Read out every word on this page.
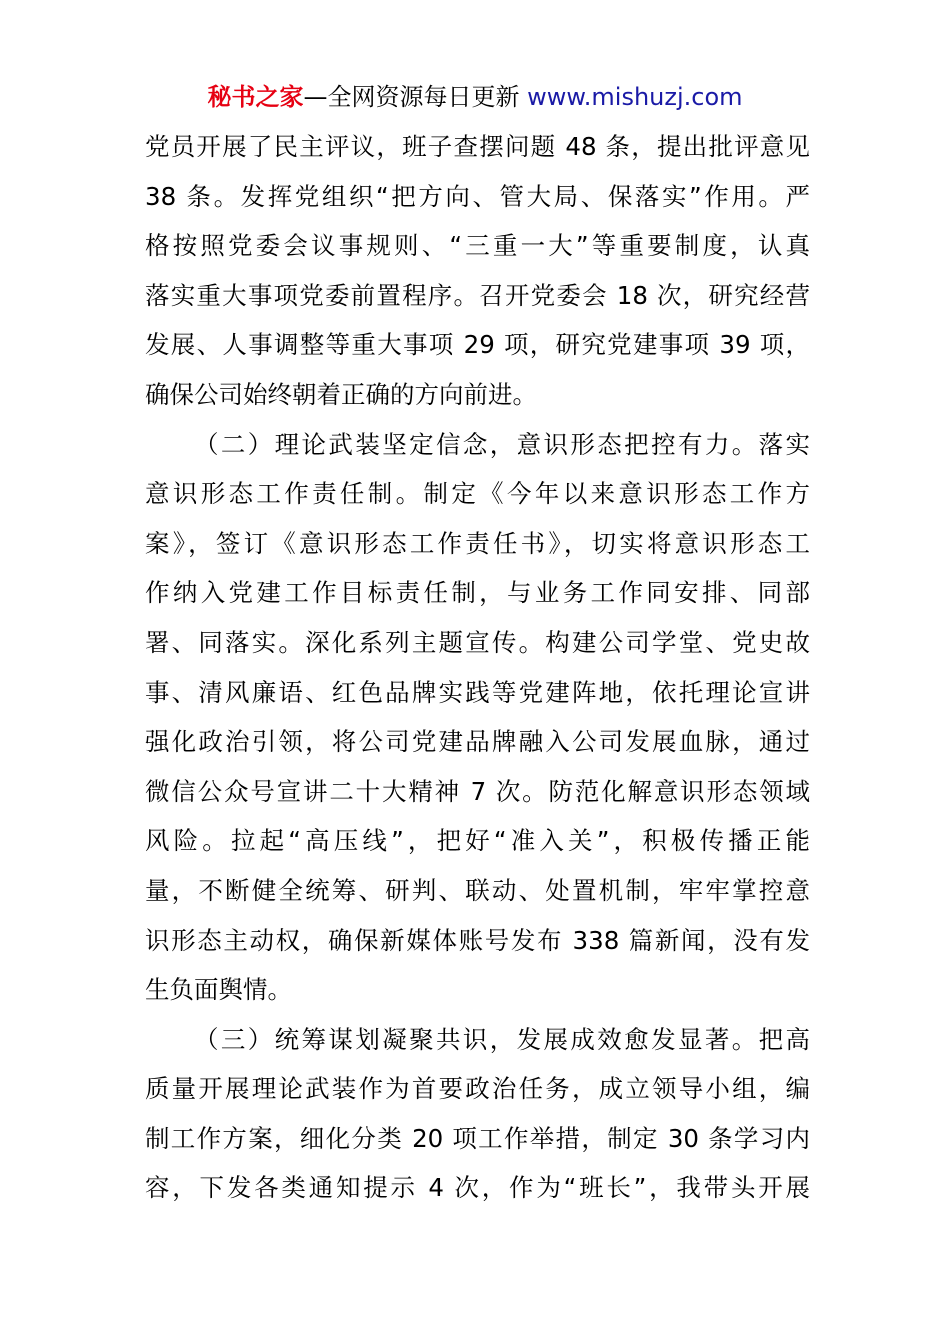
秘书之家—全网资源每日更新 www.mishuzj.com
党员开展了民主评议，班子查摆问题 48 条，提出批评意见
38 条。发挥党组织“把方向、管大局、保落实”作用。严
格按照党委会议事规则、“三重一大”等重要制度，认真
落实重大事项党委前置程序。召开党委会 18 次，研究经营
发展、人事调整等重大事项 29 项，研究党建事项 39 项，
确保公司始终朝着正确的方向前进。
（二）理论武装坚定信念，意识形态把控有力。落实
意识形态工作责任制。制定《今年以来意识形态工作方
案》，签订《意识形态工作责任书》，切实将意识形态工
作纳入党建工作目标责任制，与业务工作同安排、同部
署、同落实。深化系列主题宣传。构建公司学堂、党史故
事、清风廉语、红色品牌实践等党建阵地，依托理论宣讲
强化政治引领，将公司党建品牌融入公司发展血脉，通过
微信公众号宣讲二十大精神 7 次。防范化解意识形态领域
风险。拉起“高压线”，把好“准入关”，积极传播正能
量，不断健全统筹、研判、联动、处置机制，牢牢掌控意
识形态主动权，确保新媒体账号发布 338 篇新闻，没有发
生负面舆情。
（三）统筹谋划凝聚共识，发展成效愈发显著。把高
质量开展理论武装作为首要政治任务，成立领导小组，编
制工作方案，细化分类 20 项工作举措，制定 30 条学习内
容，下发各类通知提示 4 次，作为“班长”，我带头开展
